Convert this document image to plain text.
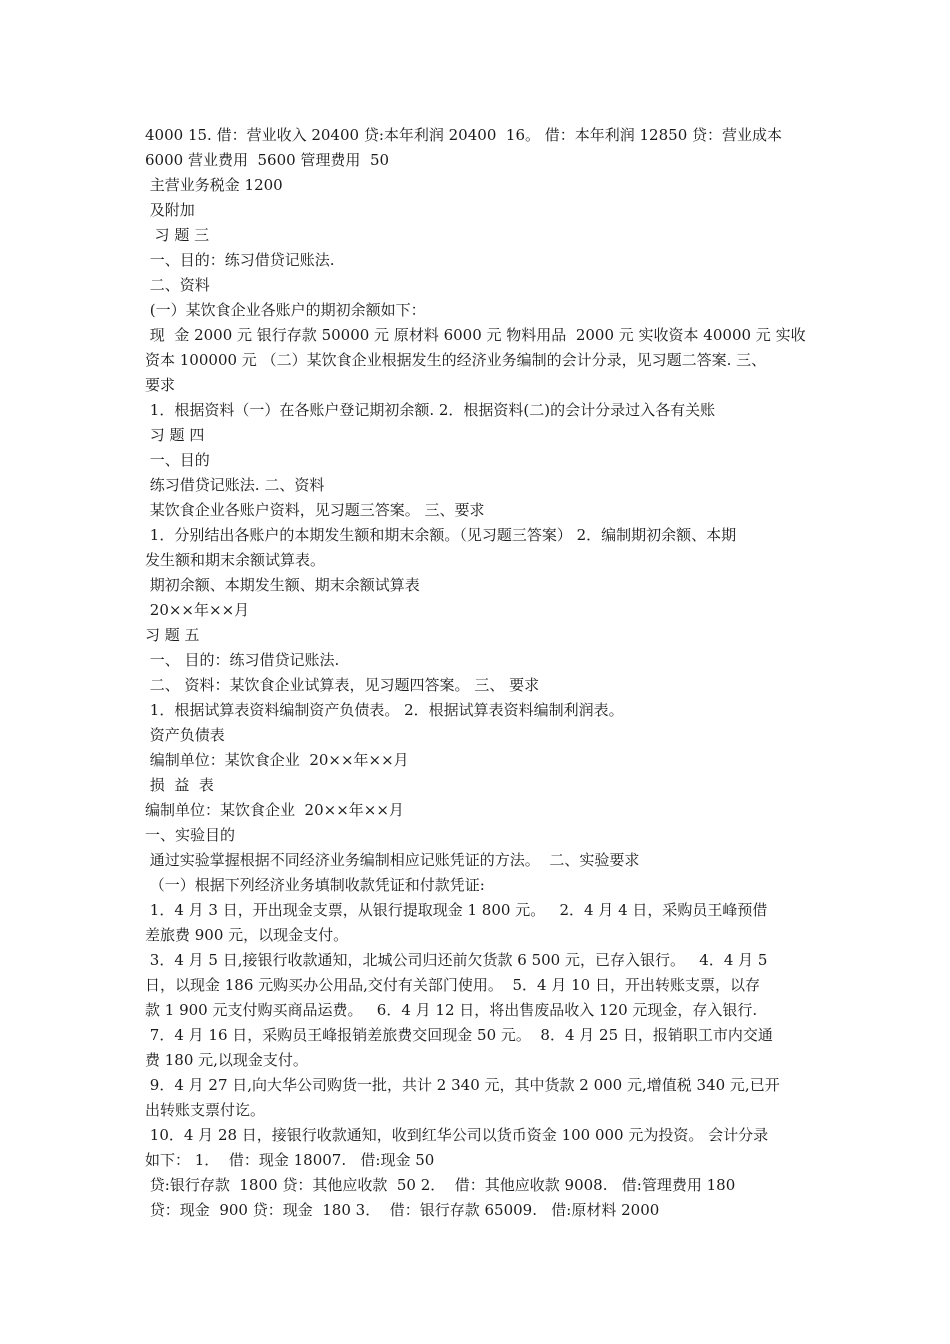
4000 15. 借：营业收入 20400 贷:本年利润 20400  16。 借：本年利润 12850 贷：营业成本

6000 营业费用  5600 管理费用  50

主营业务税金 1200

及附加

习 题 三

一、目的：练习借贷记账法.

二、资料

(一）某饮食企业各账户的期初余额如下：

现  金 2000 元 银行存款 50000 元 原材料 6000 元 物料用品  2000 元 实收资本 40000 元 实收

资本 100000 元 （二）某饮食企业根据发生的经济业务编制的会计分录，见习题二答案. 三、

要求

1．根据资料（一）在各账户登记期初余额. 2．根据资料(二)的会计分录过入各有关账

习 题 四

一、目的

练习借贷记账法. 二、资料

某饮食企业各账户资料，见习题三答案。 三、要求

1．分别结出各账户的本期发生额和期末余额。（见习题三答案） 2．编制期初余额、本期

发生额和期末余额试算表。

期初余额、本期发生额、期末余额试算表

20××年××月

习 题 五

一、 目的：练习借贷记账法.

二、 资料：某饮食企业试算表，见习题四答案。 三、 要求

1．根据试算表资料编制资产负债表。 2．根据试算表资料编制利润表。

资产负债表

编制单位：某饮食企业  20××年××月

损  益  表

编制单位：某饮食企业  20××年××月

一、实验目的

通过实验掌握根据不同经济业务编制相应记账凭证的方法。  二、实验要求

（一）根据下列经济业务填制收款凭证和付款凭证:

1．4 月 3 日，开出现金支票，从银行提取现金 1 800 元。   2．4 月 4 日，采购员王峰预借

差旅费 900 元，以现金支付。

3．4 月 5 日,接银行收款通知，北城公司归还前欠货款 6 500 元，已存入银行。   4．4 月 5

日，以现金 186 元购买办公用品,交付有关部门使用。  5．4 月 10 日，开出转账支票，以存

款 1 900 元支付购买商品运费。   6．4 月 12 日，将出售废品收入 120 元现金，存入银行.

7．4 月 16 日，采购员王峰报销差旅费交回现金 50 元。  8．4 月 25 日，报销职工市内交通

费 180 元,以现金支付。

9．4 月 27 日,向大华公司购货一批，共计 2 340 元，其中货款 2 000 元,增值税 340 元,已开

出转账支票付讫。

10．4 月 28 日，接银行收款通知，收到红华公司以货币资金 100 000 元为投资。 会计分录

如下： 1．  借：现金 18007.   借:现金 50

贷:银行存款  1800 贷：其他应收款  50 2．  借：其他应收款 9008.   借:管理费用 180

贷：现金  900 贷：现金  180 3．  借：银行存款 65009.   借:原材料 2000
